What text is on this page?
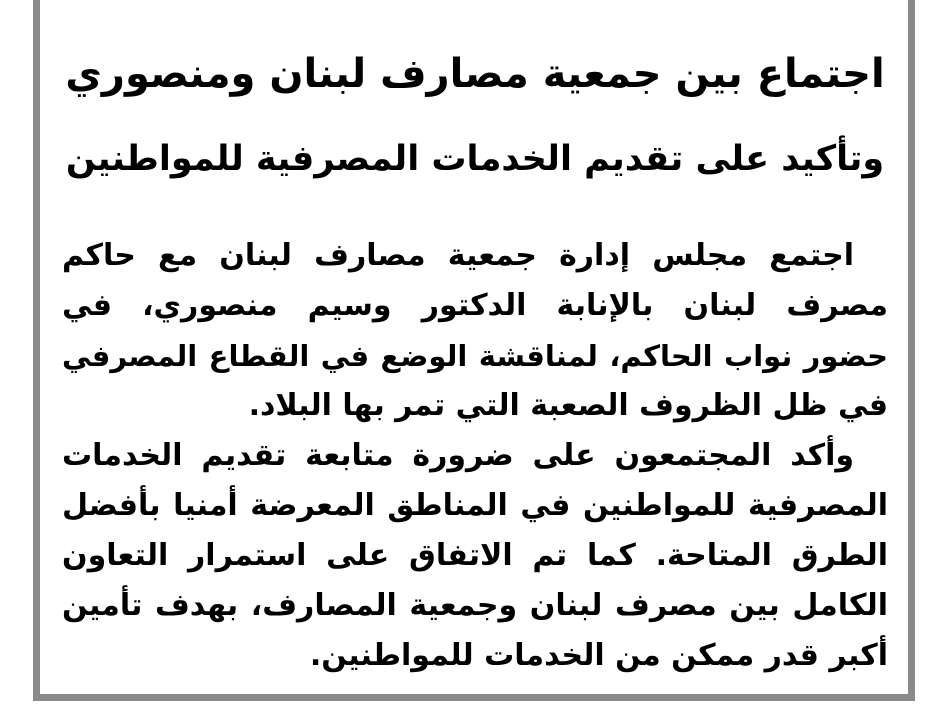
اجتماع بين جمعية مصارف لبنان ومنصوري
وتأكيد على تقديم الخدمات المصرفية للمواطنين
اجتمع مجلس إدارة جمعية مصارف لبنان مع حاكم
مصرف لبنان بالإنابة الدكتور وسيم منصوري، في
حضور نواب الحاكم، لمناقشة الوضع في القطاع المصرفي
في ظل الظروف الصعبة التي تمر بها البلاد.
وأكد المجتمعون على ضرورة متابعة تقديم الخدمات
المصرفية للمواطنين في المناطق المعرضة أمنيا بأفضل
الطرق المتاحة. كما تم الاتفاق على استمرار التعاون
الكامل بين مصرف لبنان وجمعية المصارف، بهدف تأمين
أكبر قدر ممكن من الخدمات للمواطنين.
